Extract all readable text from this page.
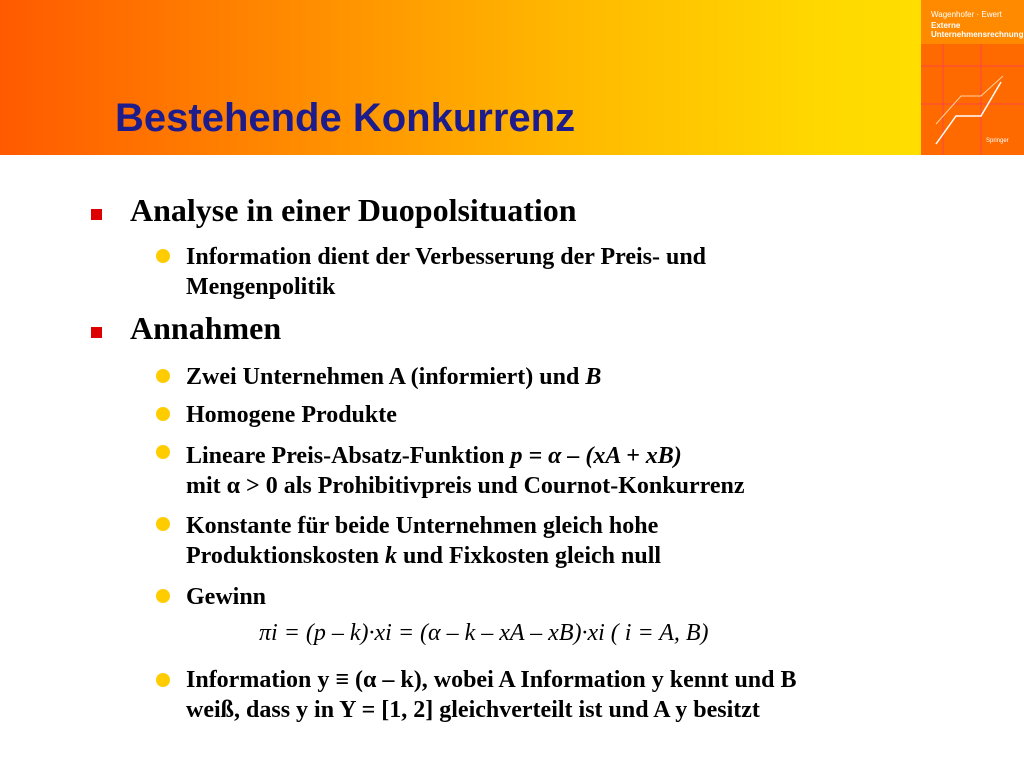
Bestehende Konkurrenz
Wagenhofer · Ewert
Externe
Unternehmensrechnung
Springer
Analyse in einer Duopolsituation
Information dient der Verbesserung der Preis- und
Mengenpolitik
Annahmen
Zwei Unternehmen A (informiert) und B
Homogene Produkte
Lineare Preis-Absatz-Funktion p = α – (xA + xB)
mit α > 0 als Prohibitivpreis und Cournot-Konkurrenz
Konstante für beide Unternehmen gleich hohe
Produktionskosten k und Fixkosten gleich null
Gewinn
πi = (p – k)·xi = (α – k – xA – xB)·xi ( i = A, B)
Information y ≡ (α – k), wobei A Information y kennt und B
weiß, dass y in Y = [1, 2] gleichverteilt ist und A y besitzt
